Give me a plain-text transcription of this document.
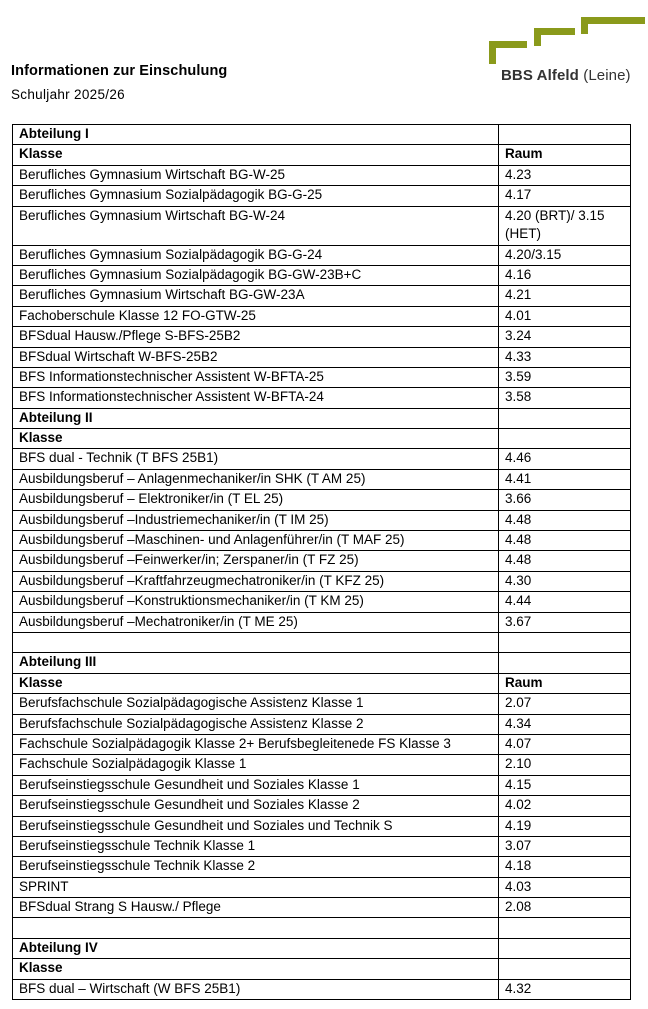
Informationen zur Einschulung

Schuljahr 2025/26

BBS Alfeld (Leine)
Abteilung I	
Klasse	Raum
Berufliches Gymnasium Wirtschaft BG-W-25	4.23
Berufliches Gymnasium Sozialpädagogik BG-G-25	4.17
Berufliches Gymnasium Wirtschaft BG-W-24	4.20 (BRT)/ 3.15 (HET)
Berufliches Gymnasium Sozialpädagogik BG-G-24	4.20/3.15
Berufliches Gymnasium Sozialpädagogik BG-GW-23B+C	4.16
Berufliches Gymnasium Wirtschaft BG-GW-23A	4.21
Fachoberschule Klasse 12 FO-GTW-25	4.01
BFSdual Hausw./Pflege S-BFS-25B2	3.24
BFSdual Wirtschaft W-BFS-25B2	4.33
BFS Informationstechnischer Assistent W-BFTA-25	3.59
BFS Informationstechnischer Assistent W-BFTA-24	3.58
Abteilung II	
Klasse	
BFS dual - Technik (T BFS 25B1)	4.46
Ausbildungsberuf – Anlagenmechaniker/in SHK (T AM 25)	4.41
Ausbildungsberuf – Elektroniker/in (T EL 25)	3.66
Ausbildungsberuf –Industriemechaniker/in (T IM 25)	4.48
Ausbildungsberuf –Maschinen- und Anlagenführer/in (T MAF 25)	4.48
Ausbildungsberuf –Feinwerker/in; Zerspaner/in (T FZ 25)	4.48
Ausbildungsberuf –Kraftfahrzeugmechatroniker/in (T KFZ 25)	4.30
Ausbildungsberuf –Konstruktionsmechaniker/in (T KM 25)	4.44
Ausbildungsberuf –Mechatroniker/in (T ME 25)	3.67

Abteilung III	
Klasse	Raum
Berufsfachschule Sozialpädagogische Assistenz Klasse 1	2.07
Berufsfachschule Sozialpädagogische Assistenz Klasse 2	4.34
Fachschule Sozialpädagogik Klasse 2+ Berufsbegleitenede FS Klasse 3	4.07
Fachschule Sozialpädagogik Klasse 1	2.10
Berufseinstiegsschule Gesundheit und Soziales Klasse 1	4.15
Berufseinstiegsschule Gesundheit und Soziales Klasse 2	4.02
Berufseinstiegsschule Gesundheit und Soziales und Technik S	4.19
Berufseinstiegsschule Technik Klasse 1	3.07
Berufseinstiegsschule Technik Klasse 2	4.18
SPRINT	4.03
BFSdual Strang S Hausw./ Pflege	2.08

Abteilung IV	
Klasse	
BFS dual – Wirtschaft (W BFS 25B1)	4.32
